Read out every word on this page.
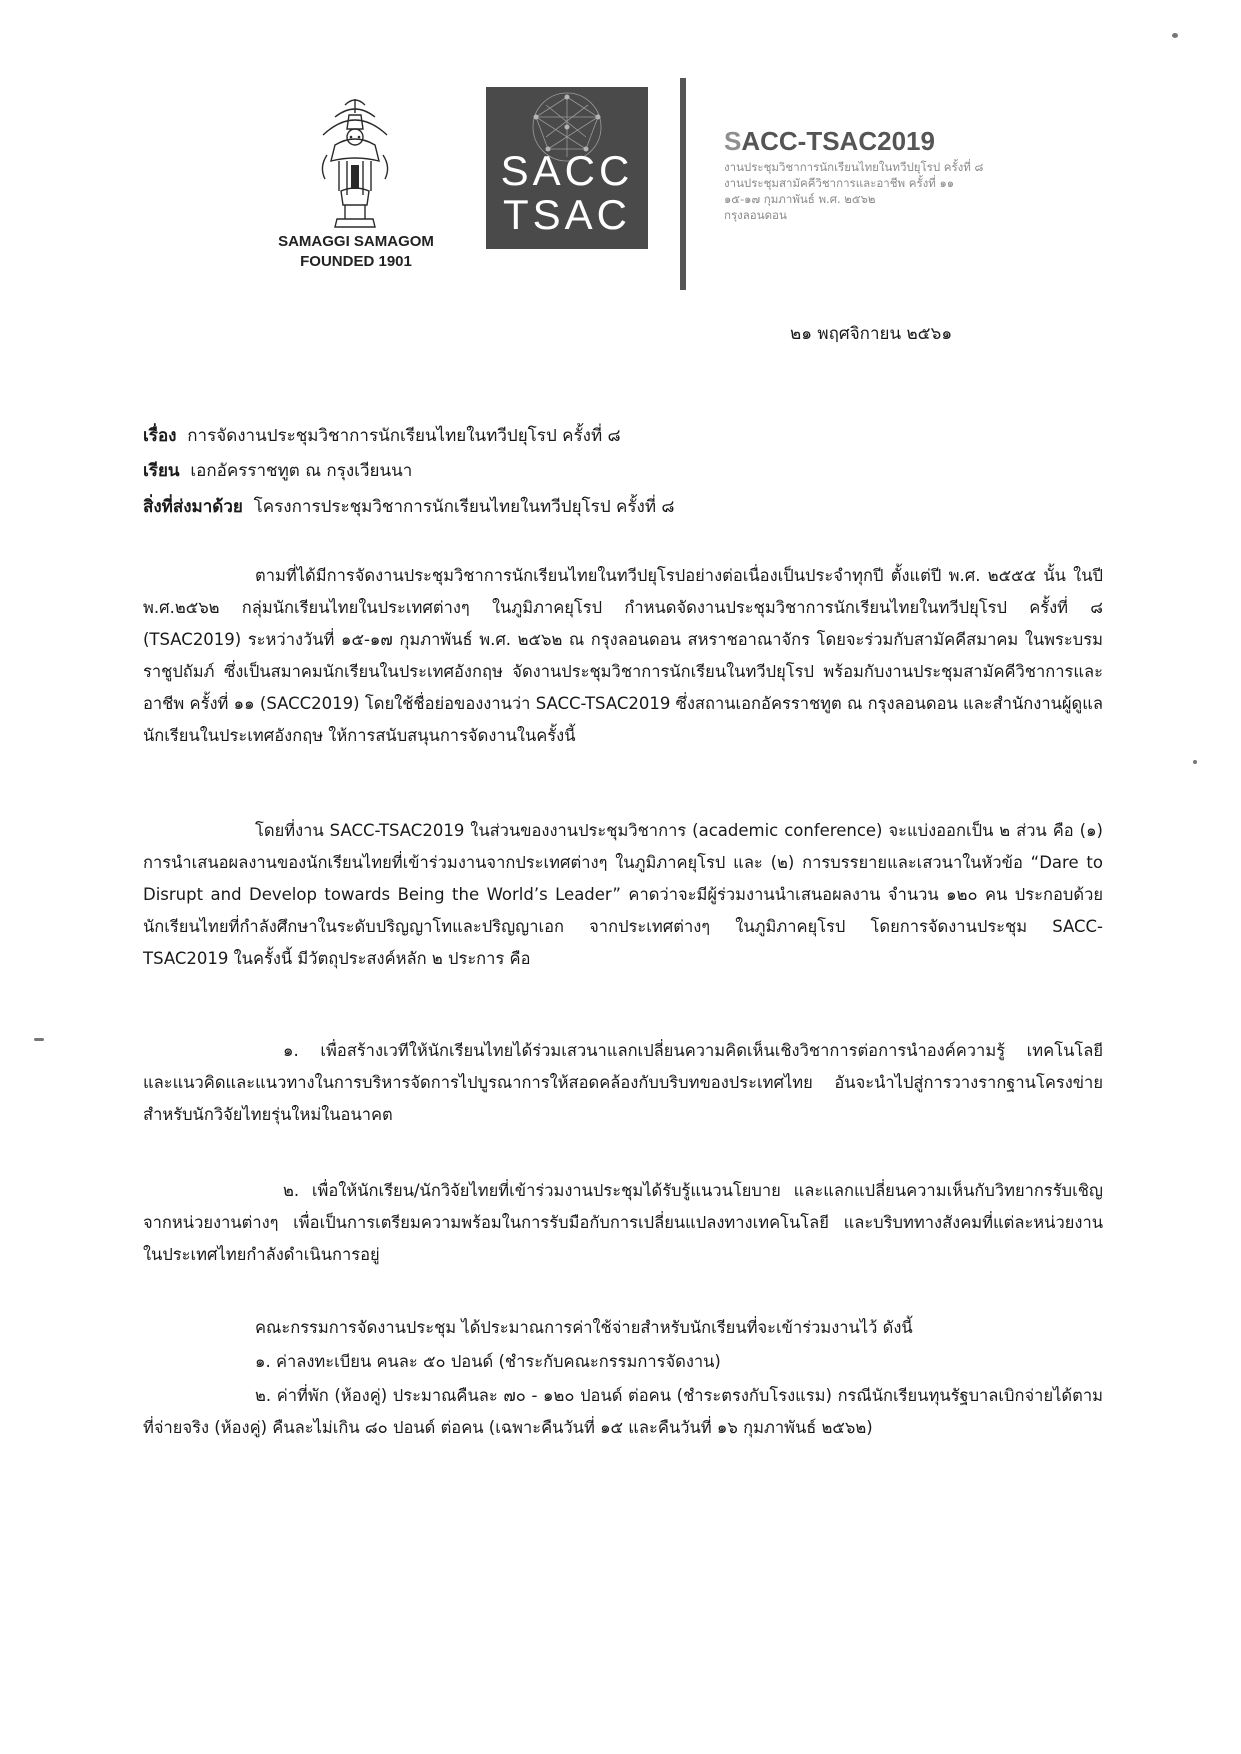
SAMAGGI SAMAGOM
FOUNDED 1901
SACC
TSAC
SACC-TSAC2019
งานประชุมวิชาการนักเรียนไทยในทวีปยุโรป ครั้งที่ ๘
งานประชุมสามัคคีวิชาการและอาชีพ ครั้งที่ ๑๑
๑๕-๑๗ กุมภาพันธ์ พ.ศ. ๒๕๖๒
กรุงลอนดอน
๒๑ พฤศจิกายน ๒๕๖๑
เรื่อง การจัดงานประชุมวิชาการนักเรียนไทยในทวีปยุโรป ครั้งที่ ๘
เรียน เอกอัครราชทูต ณ กรุงเวียนนา
สิ่งที่ส่งมาด้วย โครงการประชุมวิชาการนักเรียนไทยในทวีปยุโรป ครั้งที่ ๘

ตามที่ได้มีการจัดงานประชุมวิชาการนักเรียนไทยในทวีปยุโรปอย่างต่อเนื่องเป็นประจำทุกปี ตั้งแต่ปี พ.ศ. ๒๕๕๕ นั้น ในปี พ.ศ.๒๕๖๒ กลุ่มนักเรียนไทยในประเทศต่างๆ ในภูมิภาคยุโรป กำหนดจัดงานประชุมวิชาการนักเรียนไทยในทวีปยุโรป ครั้งที่ ๘ (TSAC2019) ระหว่างวันที่ ๑๕-๑๗ กุมภาพันธ์ พ.ศ. ๒๕๖๒ ณ กรุงลอนดอน สหราชอาณาจักร โดยจะร่วมกับสามัคคีสมาคม ในพระบรมราชูปถัมภ์ ซึ่งเป็นสมาคมนักเรียนในประเทศอังกฤษ จัดงานประชุมวิชาการนักเรียนในทวีปยุโรป พร้อมกับงานประชุมสามัคคีวิชาการและอาชีพ ครั้งที่ ๑๑ (SACC2019) โดยใช้ชื่อย่อของงานว่า SACC-TSAC2019 ซึ่งสถานเอกอัครราชทูต ณ กรุงลอนดอน และสำนักงานผู้ดูแลนักเรียนในประเทศอังกฤษ ให้การสนับสนุนการจัดงานในครั้งนี้

โดยที่งาน SACC-TSAC2019 ในส่วนของงานประชุมวิชาการ (academic conference) จะแบ่งออกเป็น ๒ ส่วน คือ (๑) การนำเสนอผลงานของนักเรียนไทยที่เข้าร่วมงานจากประเทศต่างๆ ในภูมิภาคยุโรป และ (๒) การบรรยายและเสวนาในหัวข้อ “Dare to Disrupt and Develop towards Being the World’s Leader” คาดว่าจะมีผู้ร่วมงานนำเสนอผลงาน จำนวน ๑๒๐ คน ประกอบด้วย นักเรียนไทยที่กำลังศึกษาในระดับปริญญาโทและปริญญาเอก จากประเทศต่างๆ ในภูมิภาคยุโรป โดยการจัดงานประชุม SACC-TSAC2019 ในครั้งนี้ มีวัตถุประสงค์หลัก ๒ ประการ คือ

๑. เพื่อสร้างเวทีให้นักเรียนไทยได้ร่วมเสวนาแลกเปลี่ยนความคิดเห็นเชิงวิชาการต่อการนำองค์ความรู้ เทคโนโลยี และแนวคิดและแนวทางในการบริหารจัดการไปบูรณาการให้สอดคล้องกับบริบทของประเทศไทย อันจะนำไปสู่การวางรากฐานโครงข่ายสำหรับนักวิจัยไทยรุ่นใหม่ในอนาคต

๒. เพื่อให้นักเรียน/นักวิจัยไทยที่เข้าร่วมงานประชุมได้รับรู้แนวนโยบาย และแลกแปลี่ยนความเห็นกับวิทยากรรับเชิญจากหน่วยงานต่างๆ เพื่อเป็นการเตรียมความพร้อมในการรับมือกับการเปลี่ยนแปลงทางเทคโนโลยี และบริบททางสังคมที่แต่ละหน่วยงานในประเทศไทยกำลังดำเนินการอยู่

คณะกรรมการจัดงานประชุม ได้ประมาณการค่าใช้จ่ายสำหรับนักเรียนที่จะเข้าร่วมงานไว้ ดังนี้

๑. ค่าลงทะเบียน คนละ ๕๐ ปอนด์ (ชำระกับคณะกรรมการจัดงาน)

๒. ค่าที่พัก (ห้องคู่) ประมาณคืนละ ๗๐ - ๑๒๐ ปอนด์ ต่อคน (ชำระตรงกับโรงแรม) กรณีนักเรียนทุนรัฐบาลเบิกจ่ายได้ตามที่จ่ายจริง (ห้องคู่) คืนละไม่เกิน ๘๐ ปอนด์ ต่อคน (เฉพาะคืนวันที่ ๑๕ และคืนวันที่ ๑๖ กุมภาพันธ์ ๒๕๖๒)
